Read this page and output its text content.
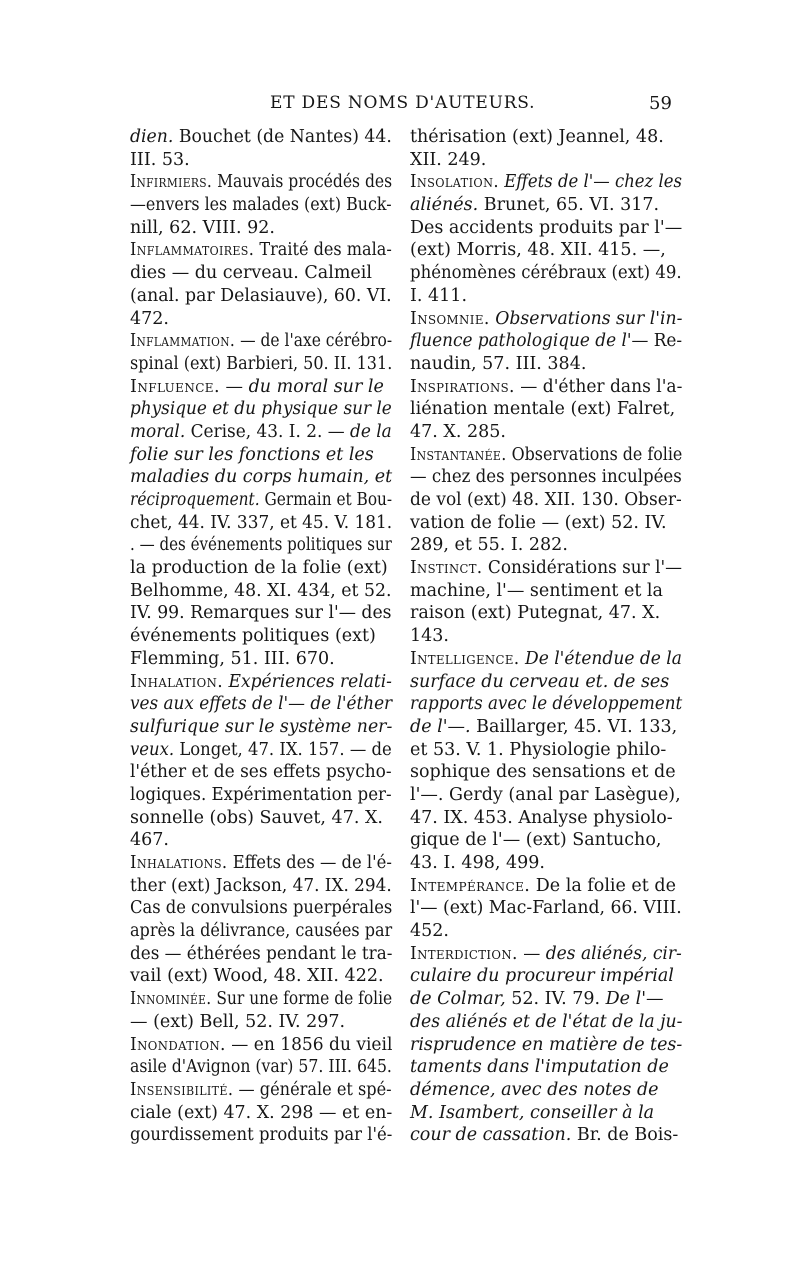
ET DES NOMS D'AUTEURS.	59
dien. Bouchet (de Nantes) 44.
III. 53.
Infirmiers. Mauvais procédés des
—envers les malades (ext) Buck-
nill, 62. VIII. 92.
Inflammatoires. Traité des mala-
dies — du cerveau. Calmeil
(anal. par Delasiauve), 60. VI.
472.
Inflammation. — de l'axe cérébro-
spinal (ext) Barbieri, 50. II. 131.
Influence. — du moral sur le
physique et du physique sur le
moral. Cerise, 43. I. 2. — de la
folie sur les fonctions et les
maladies du corps humain, et
réciproquement. Germain et Bou-
chet, 44. IV. 337, et 45. V. 181.
. — des événements politiques sur
la production de la folie (ext)
Belhomme, 48. XI. 434, et 52.
IV. 99. Remarques sur l'— des
événements politiques (ext)
Flemming, 51. III. 670.
Inhalation. Expériences relati-
ves aux effets de l'— de l'éther
sulfurique sur le système ner-
veux. Longet, 47. IX. 157. — de
l'éther et de ses effets psycho-
logiques. Expérimentation per-
sonnelle (obs) Sauvet, 47. X.
467.
Inhalations. Effets des — de l'é-
ther (ext) Jackson, 47. IX. 294.
Cas de convulsions puerpérales
après la délivrance, causées par
des — éthérées pendant le tra-
vail (ext) Wood, 48. XII. 422.
Innominée. Sur une forme de folie
— (ext) Bell, 52. IV. 297.
Inondation. — en 1856 du vieil
asile d'Avignon (var) 57. III. 645.
Insensibilité. — générale et spé-
ciale (ext) 47. X. 298 — et en-
gourdissement produits par l'é-
thérisation (ext) Jeannel, 48.
XII. 249.
Insolation. Effets de l'— chez les
aliénés. Brunet, 65. VI. 317.
Des accidents produits par l'—
(ext) Morris, 48. XII. 415. —,
phénomènes cérébraux (ext) 49.
I. 411.
Insomnie. Observations sur l'in-
fluence pathologique de l'— Re-
naudin, 57. III. 384.
Inspirations. — d'éther dans l'a-
liénation mentale (ext) Falret,
47. X. 285.
Instantanée. Observations de folie
— chez des personnes inculpées
de vol (ext) 48. XII. 130. Obser-
vation de folie — (ext) 52. IV.
289, et 55. I. 282.
Instinct. Considérations sur l'—
machine, l'— sentiment et la
raison (ext) Putegnat, 47. X.
143.
Intelligence. De l'étendue de la
surface du cerveau et. de ses
rapports avec le développement
de l'—. Baillarger, 45. VI. 133,
et 53. V. 1. Physiologie philo-
sophique des sensations et de
l'—. Gerdy (anal par Lasègue),
47. IX. 453. Analyse physiolo-
gique de l'— (ext) Santucho,
43. I. 498, 499.
Intempérance. De la folie et de
l'— (ext) Mac-Farland, 66. VIII.
452.
Interdiction. — des aliénés, cir-
culaire du procureur impérial
de Colmar, 52. IV. 79. De l'—
des aliénés et de l'état de la ju-
risprudence en matière de tes-
taments dans l'imputation de
démence, avec des notes de
M. Isambert, conseiller à la
cour de cassation. Br. de Bois-
